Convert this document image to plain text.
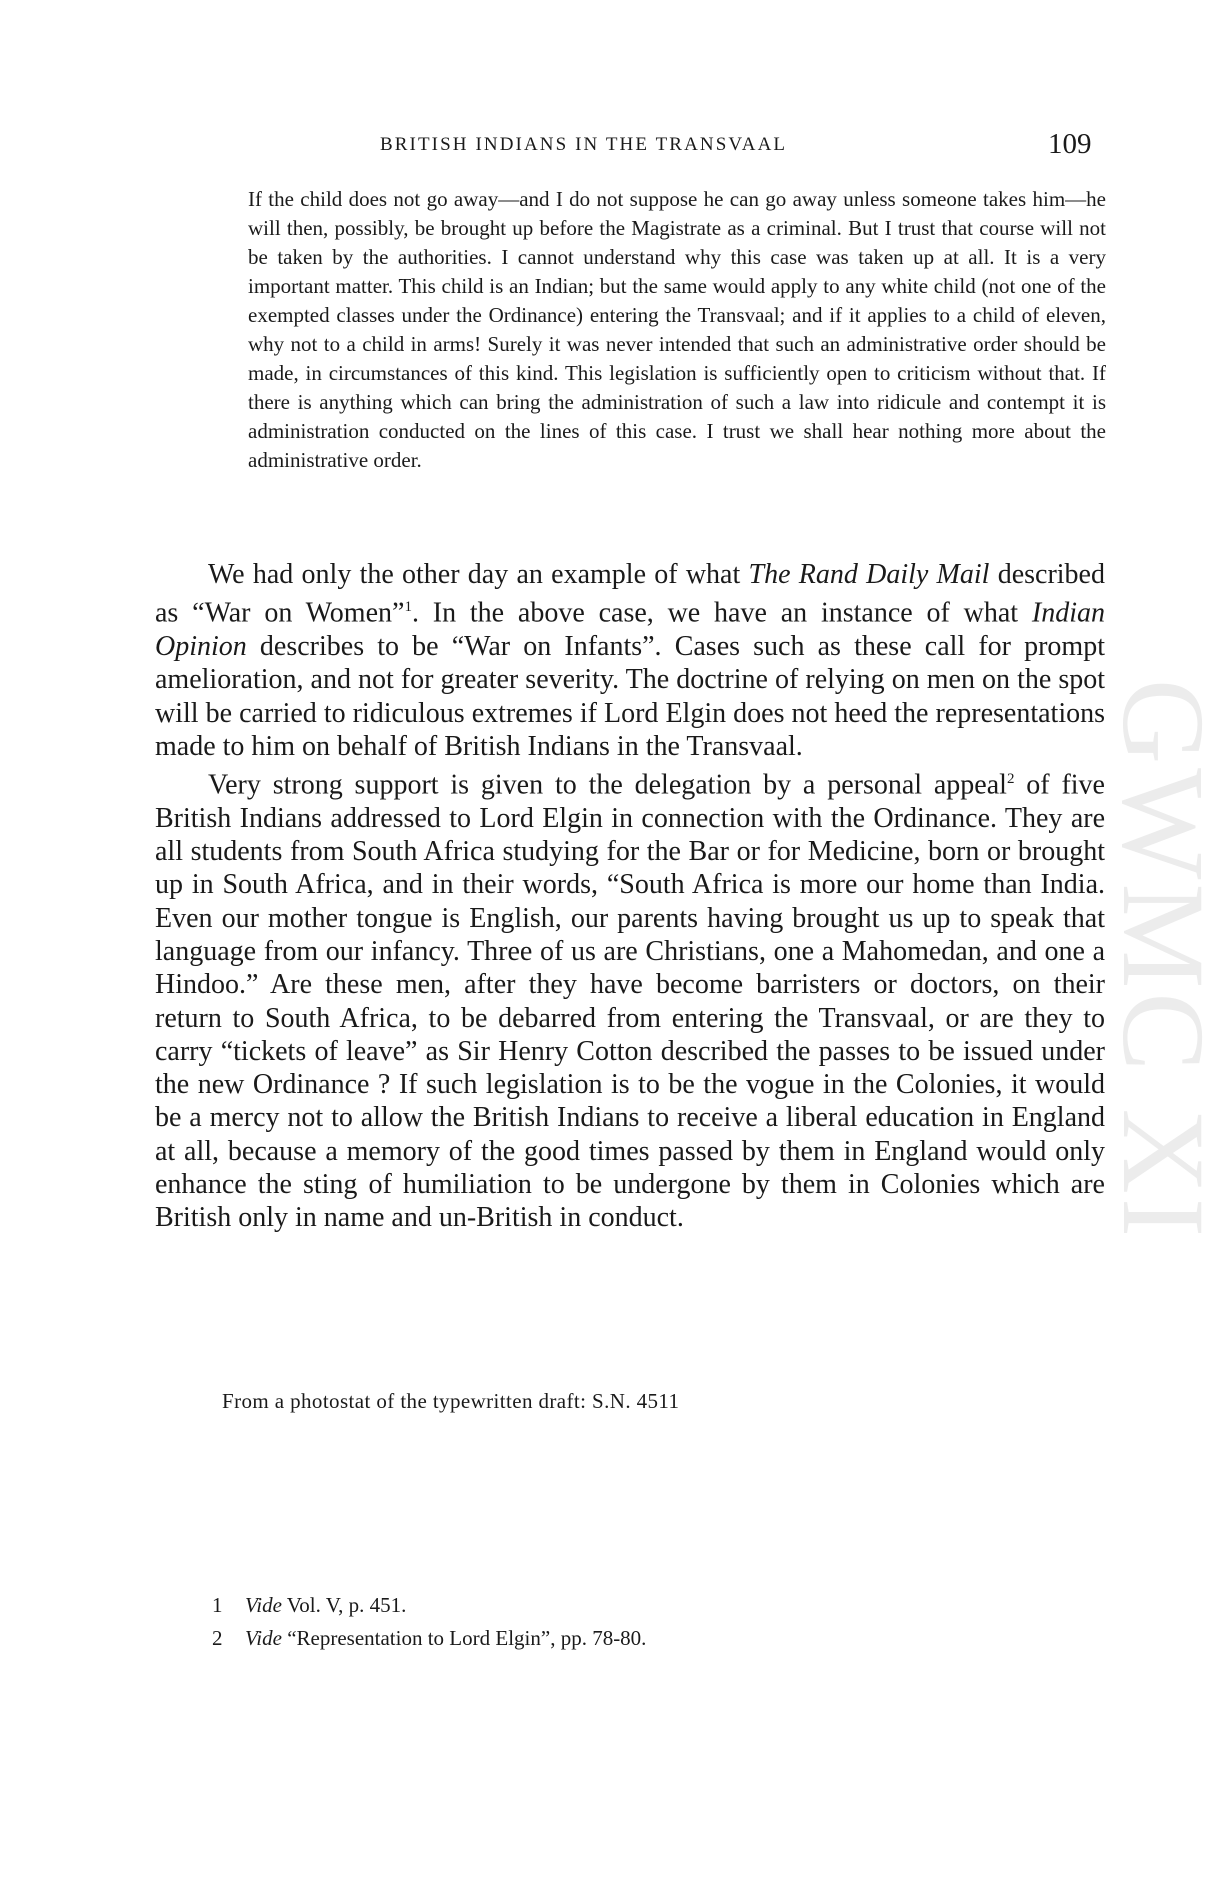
GWMC XI
BRITISH INDIANS IN THE TRANSVAAL	109

If the child does not go away—and I do not suppose he can go away unless someone takes him—he will then, possibly, be brought up before the Magistrate as a criminal. But I trust that course will not be taken by the authorities. I cannot understand why this case was taken up at all. It is a very important matter. This child is an Indian; but the same would apply to any white child (not one of the exempted classes under the Ordinance) entering the Transvaal; and if it applies to a child of eleven, why not to a child in arms! Surely it was never intended that such an administrative order should be made, in circumstances of this kind. This legislation is sufficiently open to criticism without that. If there is anything which can bring the administration of such a law into ridicule and contempt it is administration conducted on the lines of this case. I trust we shall hear nothing more about the administrative order.

We had only the other day an example of what The Rand Daily Mail described as “War on Women”$^1$. In the above case, we have an instance of what Indian Opinion describes to be “War on Infants”. Cases such as these call for prompt amelioration, and not for greater severity. The doctrine of relying on men on the spot will be carried to ridiculous extremes if Lord Elgin does not heed the representations made to him on behalf of British Indians in the Transvaal.

Very strong support is given to the delegation by a personal appeal$^2$ of five British Indians addressed to Lord Elgin in connection with the Ordinance. They are all students from South Africa studying for the Bar or for Medicine, born or brought up in South Africa, and in their words, “South Africa is more our home than India. Even our mother tongue is English, our parents having brought us up to speak that language from our infancy. Three of us are Christians, one a Mahomedan, and one a Hindoo.” Are these men, after they have become barristers or doctors, on their return to South Africa, to be debarred from entering the Transvaal, or are they to carry “tickets of leave” as Sir Henry Cotton described the passes to be issued under the new Ordinance ? If such legislation is to be the vogue in the Colonies, it would be a mercy not to allow the British Indians to receive a liberal education in England at all, because a memory of the good times passed by them in England would only enhance the sting of humiliation to be undergone by them in Colonies which are British only in name and un-British in conduct.

From a photostat of the typewritten draft: S.N. 4511
1 Vide Vol. V, p. 451.
2 Vide “Representation to Lord Elgin”, pp. 78-80.
